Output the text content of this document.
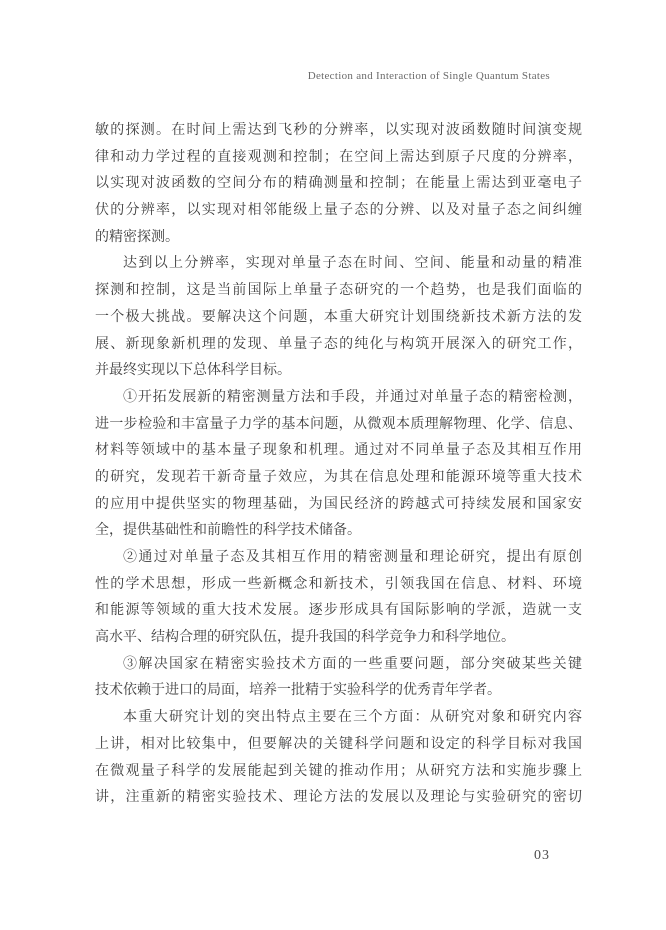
Detection and Interaction of Single Quantum States
敏的探测。在时间上需达到飞秒的分辨率，以实现对波函数随时间演变规
律和动力学过程的直接观测和控制；在空间上需达到原子尺度的分辨率，
以实现对波函数的空间分布的精确测量和控制；在能量上需达到亚毫电子
伏的分辨率，以实现对相邻能级上量子态的分辨、以及对量子态之间纠缠
的精密探测。
达到以上分辨率，实现对单量子态在时间、空间、能量和动量的精准
探测和控制，这是当前国际上单量子态研究的一个趋势，也是我们面临的
一个极大挑战。要解决这个问题，本重大研究计划围绕新技术新方法的发
展、新现象新机理的发现、单量子态的纯化与构筑开展深入的研究工作，
并最终实现以下总体科学目标。
①开拓发展新的精密测量方法和手段，并通过对单量子态的精密检测，
进一步检验和丰富量子力学的基本问题，从微观本质理解物理、化学、信息、
材料等领域中的基本量子现象和机理。通过对不同单量子态及其相互作用
的研究，发现若干新奇量子效应，为其在信息处理和能源环境等重大技术
的应用中提供坚实的物理基础，为国民经济的跨越式可持续发展和国家安
全，提供基础性和前瞻性的科学技术储备。
②通过对单量子态及其相互作用的精密测量和理论研究，提出有原创
性的学术思想，形成一些新概念和新技术，引领我国在信息、材料、环境
和能源等领域的重大技术发展。逐步形成具有国际影响的学派，造就一支
高水平、结构合理的研究队伍，提升我国的科学竞争力和科学地位。
③解决国家在精密实验技术方面的一些重要问题，部分突破某些关键
技术依赖于进口的局面，培养一批精于实验科学的优秀青年学者。
本重大研究计划的突出特点主要在三个方面：从研究对象和研究内容
上讲，相对比较集中，但要解决的关键科学问题和设定的科学目标对我国
在微观量子科学的发展能起到关键的推动作用；从研究方法和实施步骤上
讲，注重新的精密实验技术、理论方法的发展以及理论与实验研究的密切
03
